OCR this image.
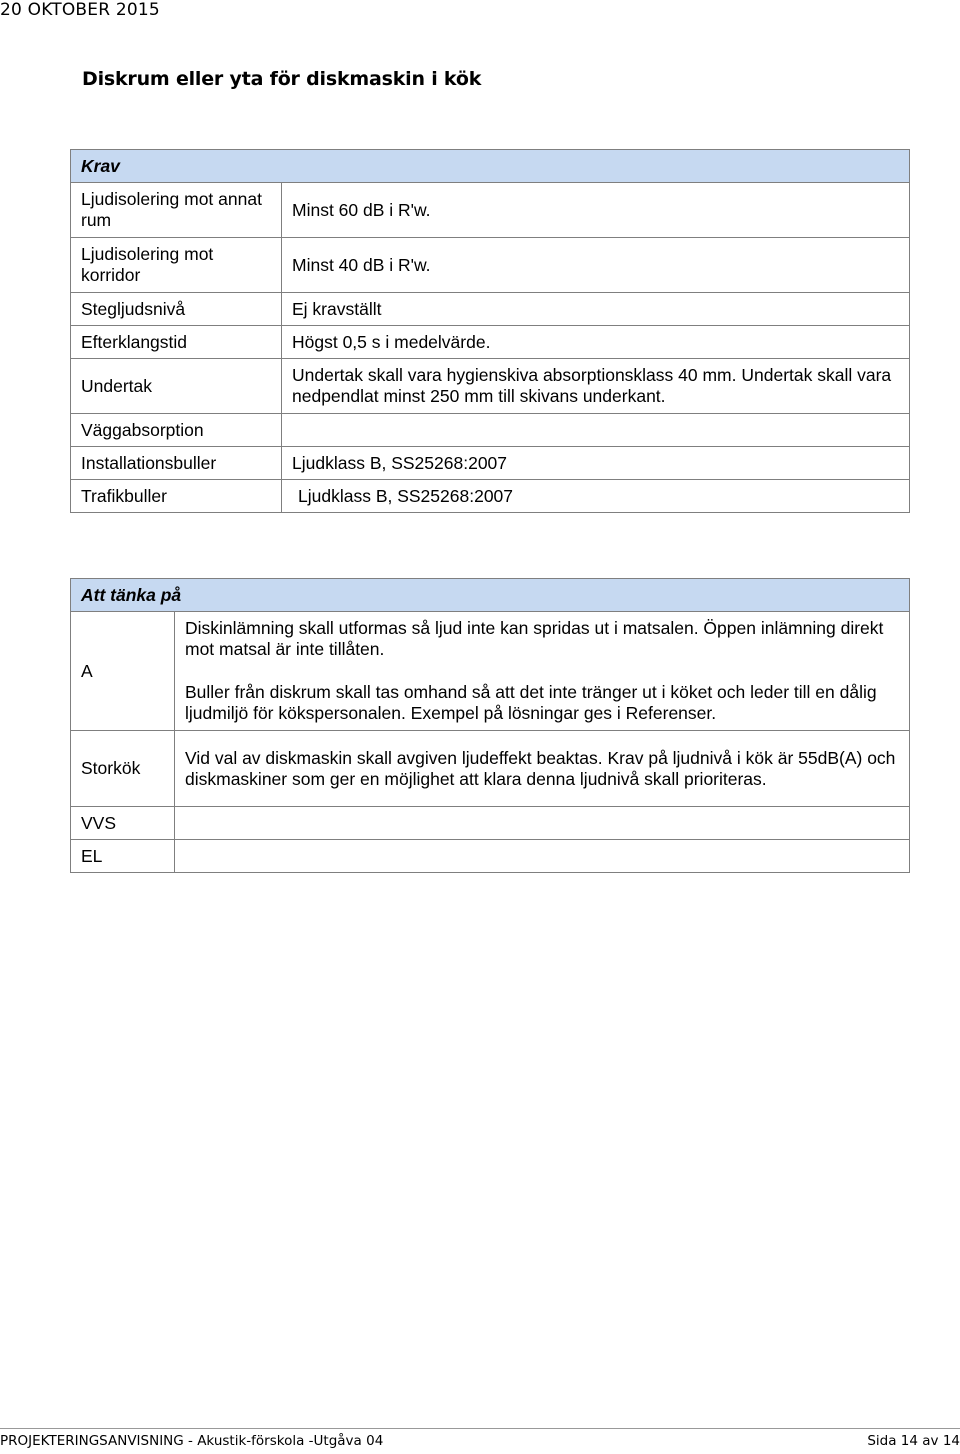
20 OKTOBER 2015
Diskrum eller yta för diskmaskin i kök
Krav	
Ljudisolering mot annat rum	Minst 60 dB i R'w.
Ljudisolering mot korridor	Minst 40 dB i R'w.
Stegljudsnivå	Ej kravställt
Efterklangstid	Högst 0,5 s i medelvärde.
Undertak	Undertak skall vara hygienskiva absorptionsklass 40 mm. Undertak skall vara nedpendlat minst 250 mm till skivans underkant.
Väggabsorption	
Installationsbuller	Ljudklass B, SS25268:2007
Trafikbuller	Ljudklass B, SS25268:2007
Att tänka på	
A	Diskinlämning skall utformas så ljud inte kan spridas ut i matsalen. Öppen inlämning direkt mot matsal är inte tillåten.

Buller från diskrum skall tas omhand så att det inte tränger ut i köket och leder till en dålig ljudmiljö för kökspersonalen. Exempel på lösningar ges i Referenser.

Storkök	Vid val av diskmaskin skall avgiven ljudeffekt beaktas. Krav på ljudnivå i kök är 55dB(A) och diskmaskiner som ger en möjlighet att klara denna ljudnivå skall prioriteras.

VVS	
EL	
PROJEKTERINGSANVISNING - Akustik-förskola -Utgåva 04	Sida 14 av 14
